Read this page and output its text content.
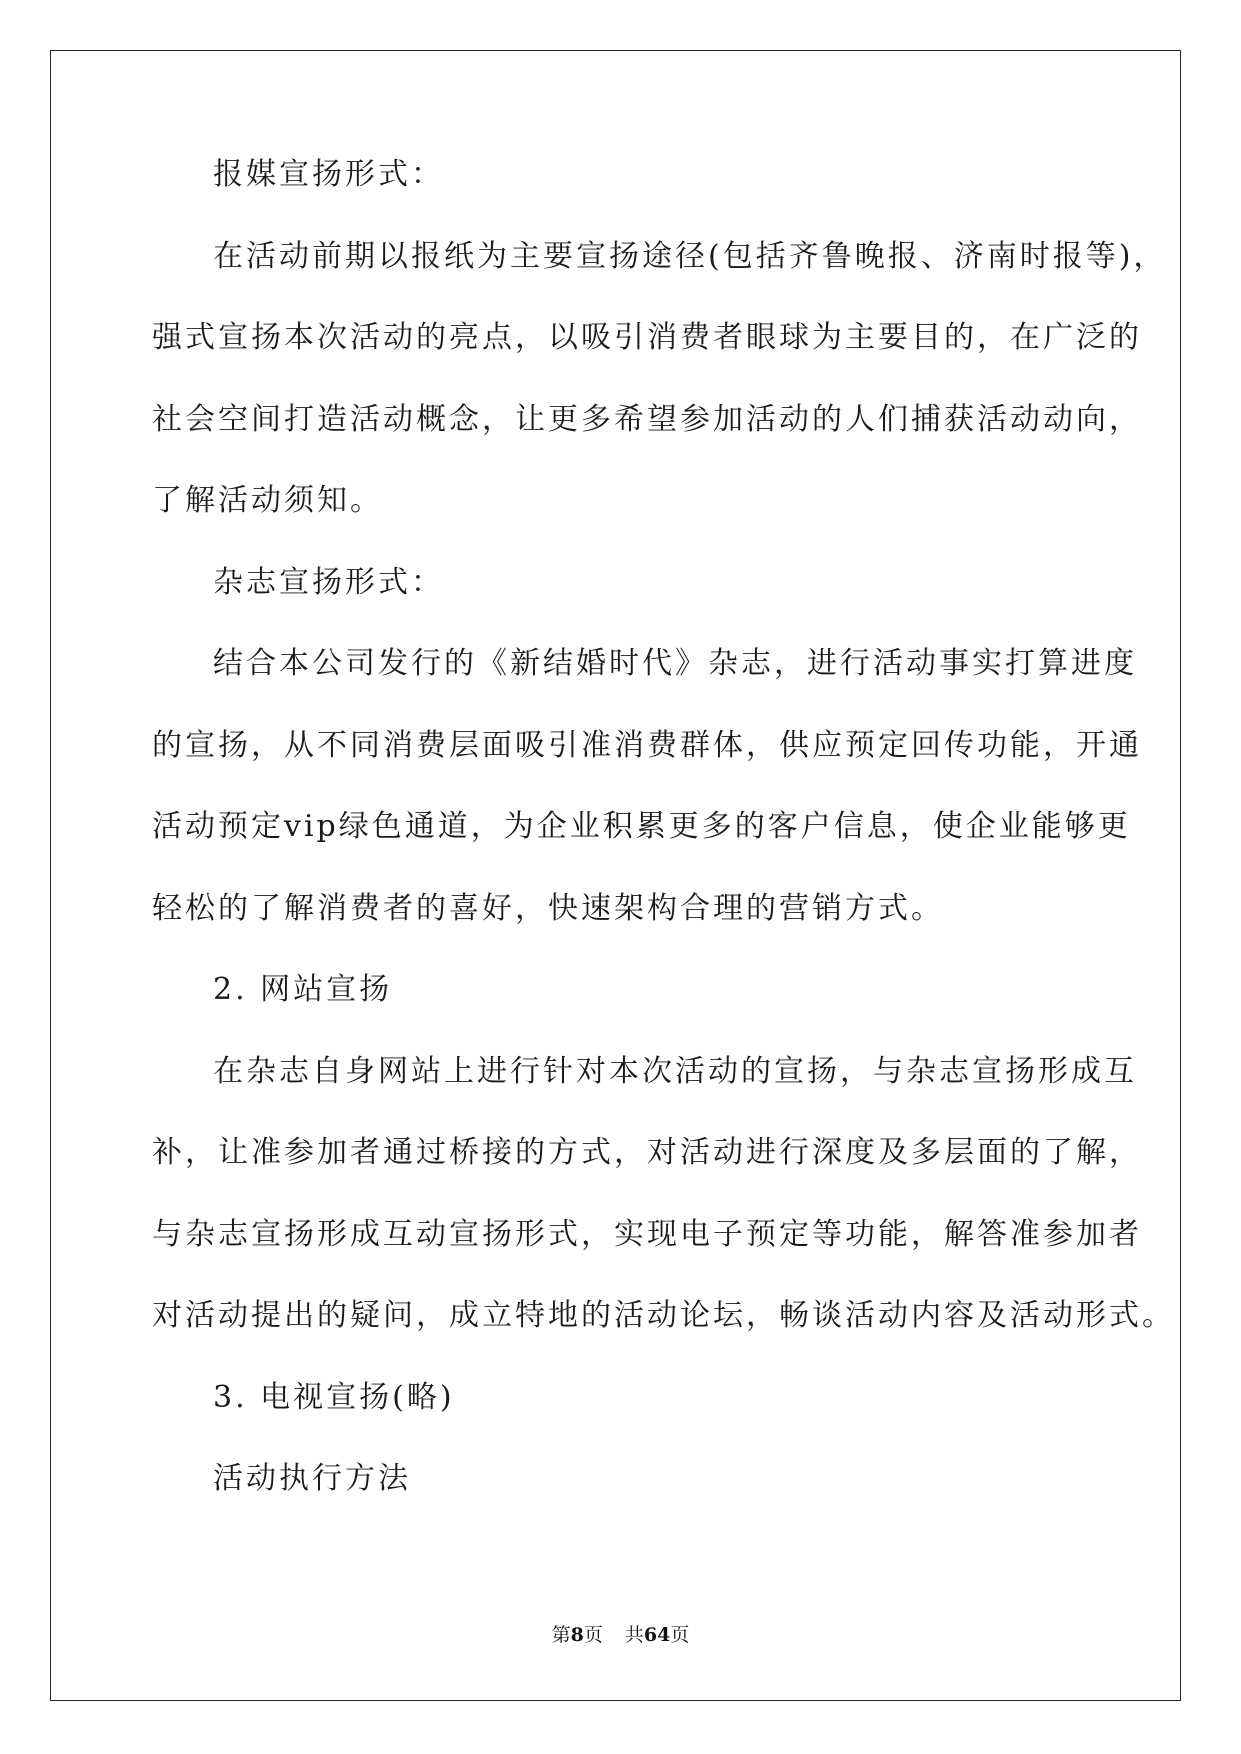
报媒宣扬形式：
在活动前期以报纸为主要宣扬途径(包括齐鲁晚报、济南时报等)，
强式宣扬本次活动的亮点，以吸引消费者眼球为主要目的，在广泛的
社会空间打造活动概念，让更多希望参加活动的人们捕获活动动向，
了解活动须知。
杂志宣扬形式：
结合本公司发行的《新结婚时代》杂志，进行活动事实打算进度
的宣扬，从不同消费层面吸引准消费群体，供应预定回传功能，开通
活动预定vip绿色通道，为企业积累更多的客户信息，使企业能够更
轻松的了解消费者的喜好，快速架构合理的营销方式。
2. 网站宣扬
在杂志自身网站上进行针对本次活动的宣扬，与杂志宣扬形成互
补，让准参加者通过桥接的方式，对活动进行深度及多层面的了解，
与杂志宣扬形成互动宣扬形式，实现电子预定等功能，解答准参加者
对活动提出的疑问，成立特地的活动论坛，畅谈活动内容及活动形式。
3. 电视宣扬(略)
活动执行方法
第8页 共64页
